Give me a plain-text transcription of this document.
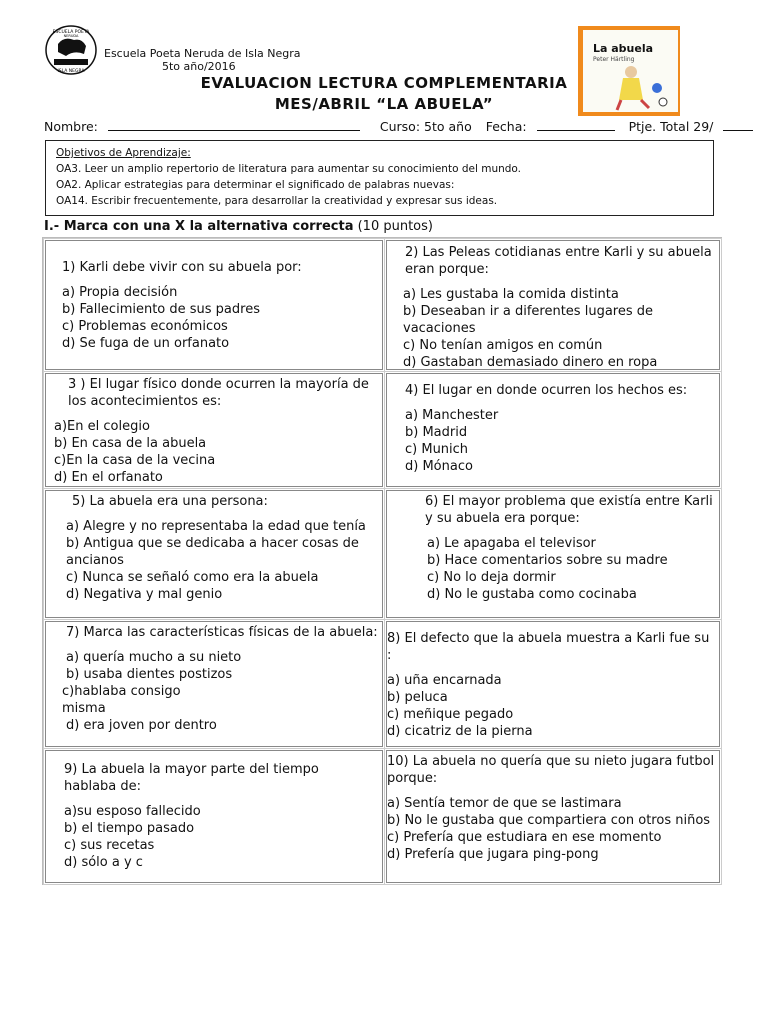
ESCUELA POETA
NERUDA
ISLA NEGRA
Escuela Poeta Neruda de Isla Negra
5to año/2016
La abuela
Peter Härtling
EVALUACION LECTURA COMPLEMENTARIA
MES/ABRIL “LA ABUELA”
Nombre:	Curso: 5to año Fecha:	Ptje. Total 29/
Objetivos de Aprendizaje:
OA3. Leer un amplio repertorio de literatura para aumentar su conocimiento del mundo.
OA2. Aplicar estrategias para determinar el significado de palabras nuevas:
OA14. Escribir frecuentemente, para desarrollar la creatividad y expresar sus ideas.
I.- Marca con una X la alternativa correcta (10 puntos)
1) Karli debe vivir con su abuela por:
a) Propia decisión
b) Fallecimiento de sus padres
c) Problemas económicos
d) Se fuga de un orfanato
2) Las Peleas cotidianas entre Karli y su abuela eran porque:
a) Les gustaba la comida distinta
b) Deseaban ir a diferentes lugares de vacaciones
c) No tenían amigos en común
d) Gastaban demasiado dinero en ropa
3 ) El lugar físico donde ocurren la mayoría de los acontecimientos es:
a)En el colegio
b) En casa de la abuela
c)En la casa de la vecina
d) En el orfanato
4) El lugar en donde ocurren los hechos es:
a) Manchester
b) Madrid
c) Munich
d) Mónaco
5) La abuela era una persona:
a) Alegre y no representaba la edad que tenía
b) Antigua que se dedicaba a hacer cosas de ancianos
c) Nunca se señaló como era la abuela
d) Negativa y mal genio
6) El mayor problema que existía entre Karli y su abuela era porque:
a) Le apagaba el televisor
b) Hace comentarios sobre su madre
c) No lo deja dormir
d) No le gustaba como cocinaba
7) Marca las características físicas de la abuela:
a) quería mucho a su nieto
b) usaba dientes postizos
c)hablaba consigo misma
d) era joven por dentro
8) El defecto que la abuela muestra a Karli fue su :
a) uña encarnada
b) peluca
c) meñique pegado
d) cicatriz de la pierna
9) La abuela la mayor parte del tiempo hablaba de:
a)su esposo fallecido
b) el tiempo pasado
c) sus recetas
d) sólo a y c
10) La abuela no quería que su nieto jugara futbol porque:
a) Sentía temor de que se lastimara
b) No le gustaba que compartiera con otros niños
c) Prefería que estudiara en ese momento
d) Prefería que jugara ping-pong
